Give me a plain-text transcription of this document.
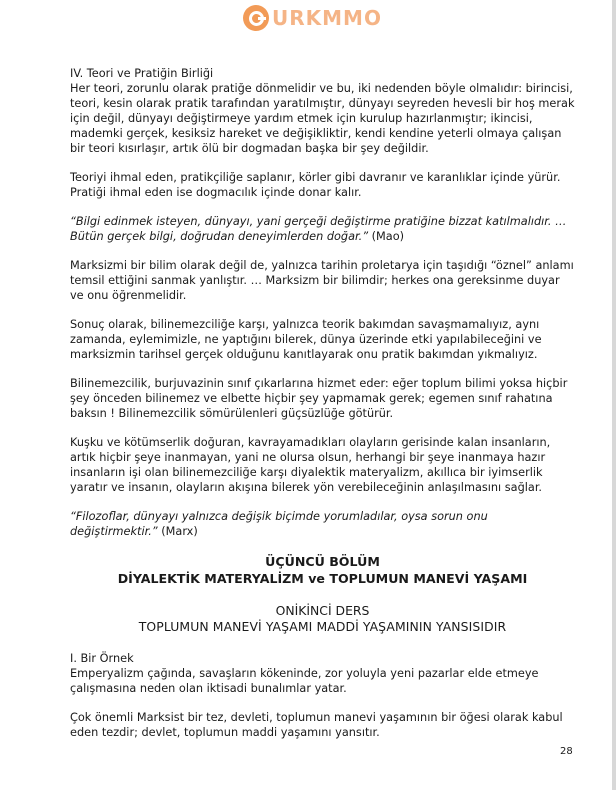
URKMMO
IV. Teori ve Pratiğin Birliği

Her teori, zorunlu olarak pratiğe dönmelidir ve bu, iki nedenden böyle olmalıdır: birincisi, teori, kesin olarak pratik tarafından yaratılmıştır, dünyayı seyreden hevesli bir hoş merak için değil, dünyayı değiştirmeye yardım etmek için kurulup hazırlanmıştır; ikincisi, mademki gerçek, kesiksiz hareket ve değişikliktir, kendi kendine yeterli olmaya çalışan bir teori kısırlaşır, artık ölü bir dogmadan başka bir şey değildir.

Teoriyi ihmal eden, pratikçiliğe saplanır, körler gibi davranır ve karanlıklar içinde yürür. Pratiği ihmal eden ise dogmacılık içinde donar kalır.

“Bilgi edinmek isteyen, dünyayı, yani gerçeği değiştirme pratiğine bizzat katılmalıdır. … Bütün gerçek bilgi, doğrudan deneyimlerden doğar.” (Mao)

Marksizmi bir bilim olarak değil de, yalnızca tarihin proletarya için taşıdığı “öznel” anlamı temsil ettiğini sanmak yanlıştır. … Marksizm bir bilimdir; herkes ona gereksinme duyar ve onu öğrenmelidir.

Sonuç olarak, bilinemezciliğe karşı, yalnızca teorik bakımdan savaşmamalıyız, aynı zamanda, eylemimizle, ne yaptığını bilerek, dünya üzerinde etki yapılabileceğini ve marksizmin tarihsel gerçek olduğunu kanıtlayarak onu pratik bakımdan yıkmalıyız.

Bilinemezcilik, burjuvazinin sınıf çıkarlarına hizmet eder: eğer toplum bilimi yoksa hiçbir şey önceden bilinemez ve elbette hiçbir şey yapmamak gerek; egemen sınıf rahatına baksın ! Bilinemezcilik sömürülenleri güçsüzlüğe götürür.

Kuşku ve kötümserlik doğuran, kavrayamadıkları olayların gerisinde kalan insanların, artık hiçbir şeye inanmayan, yani ne olursa olsun, herhangi bir şeye inanmaya hazır insanların işi olan bilinemezciliğe karşı diyalektik materyalizm, akıllıca bir iyimserlik yaratır ve insanın, olayların akışına bilerek yön verebileceğinin anlaşılmasını sağlar.

“Filozoflar, dünyayı yalnızca değişik biçimde yorumladılar, oysa sorun onu değiştirmektir.” (Marx)

ÜÇÜNCÜ BÖLÜM
DİYALEKTİK MATERYALİZM ve TOPLUMUN MANEVİ YAŞAMI
ONİKİNCİ DERS
TOPLUMUN MANEVİ YAŞAMI MADDİ YAŞAMININ YANSISIDIR
I. Bir Örnek

Emperyalizm çağında, savaşların kökeninde, zor yoluyla yeni pazarlar elde etmeye çalışmasına neden olan iktisadi bunalımlar yatar.

Çok önemli Marksist bir tez, devleti, toplumun manevi yaşamının bir öğesi olarak kabul eden tezdir; devlet, toplumun maddi yaşamını yansıtır.

28
